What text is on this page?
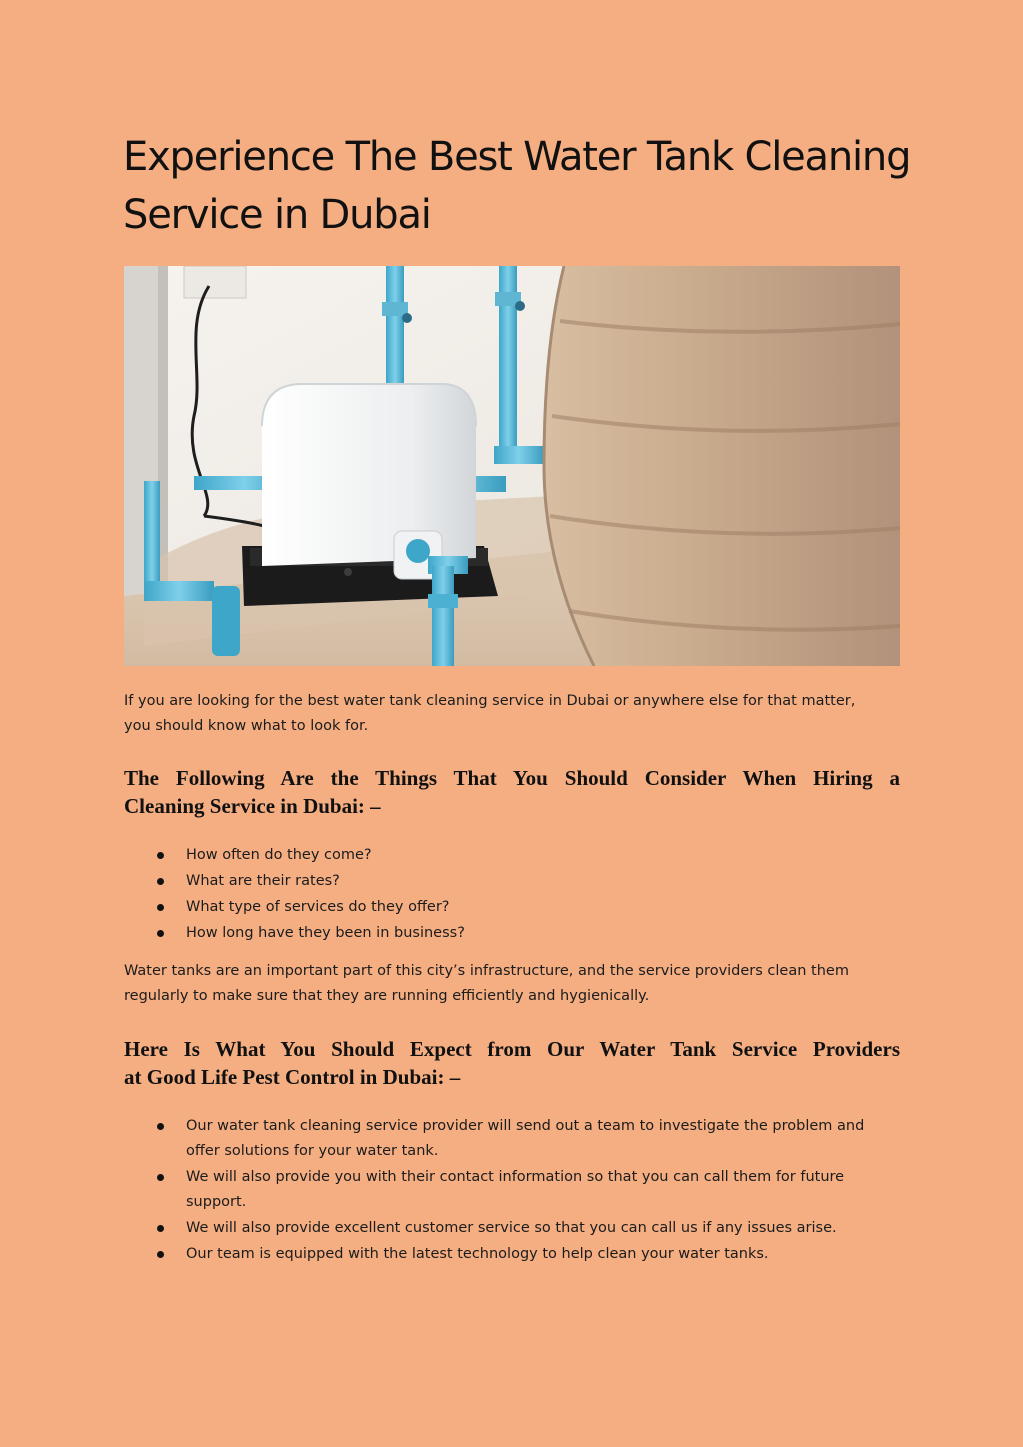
Experience The Best Water Tank Cleaning
Service in Dubai

If you are looking for the best water tank cleaning service in Dubai or anywhere else for that matter,
you should know what to look for.

The Following Are the Things That You Should Consider When Hiring a
Cleaning Service in Dubai: –
How often do they come?
What are their rates?
What type of services do they offer?
How long have they been in business?

Water tanks are an important part of this city’s infrastructure, and the service providers clean them
regularly to make sure that they are running efficiently and hygienically.

Here Is What You Should Expect from Our Water Tank Service Providers
at Good Life Pest Control in Dubai: –
Our water tank cleaning service provider will send out a team to investigate the problem and
offer solutions for your water tank.
We will also provide you with their contact information so that you can call them for future
support.
We will also provide excellent customer service so that you can call us if any issues arise.
Our team is equipped with the latest technology to help clean your water tanks.
